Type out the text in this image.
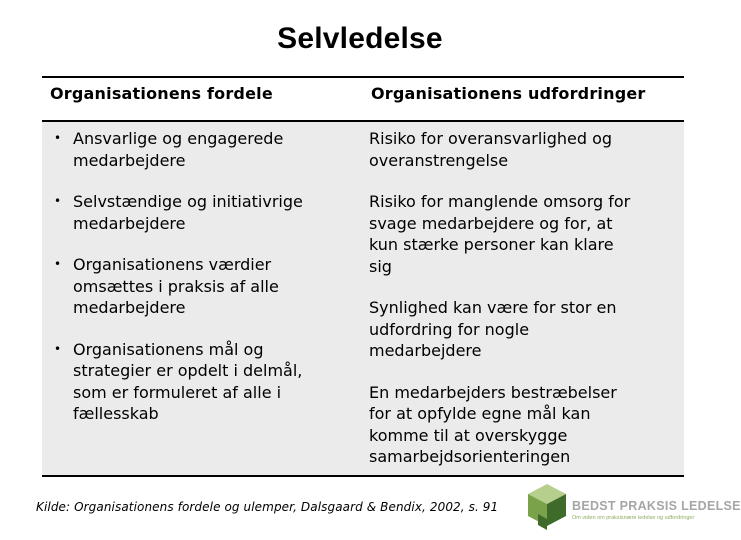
Selvledelse
Organisationens fordele	Organisationens udfordringer
• Ansvarlige og engagerede
medarbejdere
• Selvstændige og initiativrige
medarbejdere
• Organisationens værdier
omsættes i praksis af alle
medarbejdere
• Organisationens mål og
strategier er opdelt i delmål,
som er formuleret af alle i
fællesskab
Risiko for overansvarlighed og
overanstrengelse
Risiko for manglende omsorg for
svage medarbejdere og for, at
kun stærke personer kan klare
sig
Synlighed kan være for stor en
udfordring for nogle
medarbejdere
En medarbejders bestræbelser
for at opfylde egne mål kan
komme til at overskygge
samarbejdsorienteringen
Kilde: Organisationens fordele og ulemper, Dalsgaard & Bendix, 2002, s. 91	BEDST PRAKSIS LEDELSE
Om viden om praksisnære ledelse og udfordringer
